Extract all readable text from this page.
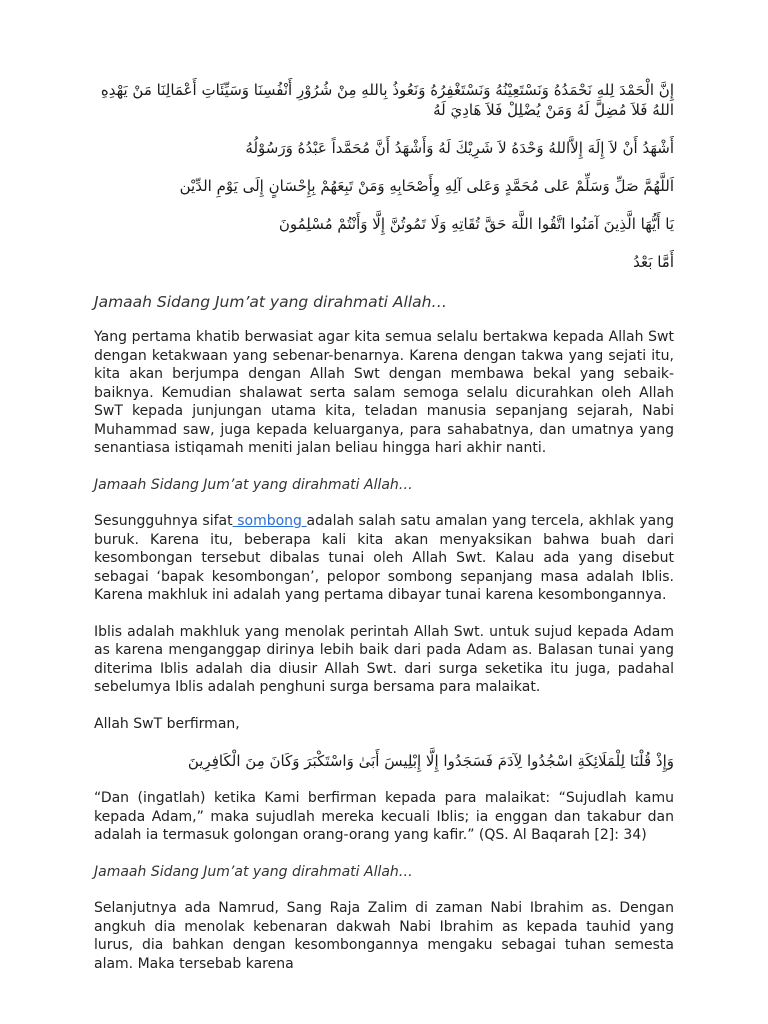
إِنَّ الْحَمْدَ لِلهِ نَحْمَدُهُ وَنَسْتَعِيْنُهُ وَنَسْتَغْفِرُهُ وَنَعُوذُ بِاللهِ مِنْ شُرُوْرِ أَنْفُسِنَا وَسَيِّئَاتِ أَعْمَالِنَا مَنْ يَهْدِهِ اللهُ فَلاَ مُضِلَّ لَهُ وَمَنْ يُضْلِلْ فَلاَ هَادِيَ لَهُ

أَشْهَدُ أَنْ لاَ إِلَهَ إِلاَّاللهُ وَحْدَهُ لاَ شَرِيْكَ لَهُ وَأَشْهَدُ أَنَّ مُحَمَّداً عَبْدُهُ وَرَسُوْلُهُ

اَللَّهُمَّ صَلِّ وَسَلِّمْ عَلى مُحَمَّدٍ وَعَلى آلِهِ وِأَصْحَابِهِ وَمَنْ تَبِعَهُمْ بِإِحْسَانٍ إِلَى يَوْمِ الدِّيْن

يَا أَيُّهَا الَّذِينَ آمَنُوا اتَّقُوا اللَّهَ حَقَّ تُقَاتِهِ وَلَا تَمُوتُنَّ إِلَّا وَأَنْتُمْ مُسْلِمُونَ

أَمَّا بَعْدُ

Jamaah Sidang Jum’at yang dirahmati Allah…

Yang pertama khatib berwasiat agar kita semua selalu bertakwa kepada Allah Swt dengan ketakwaan yang sebenar-benarnya. Karena dengan takwa yang sejati itu, kita akan berjumpa dengan Allah Swt dengan membawa bekal yang sebaik-baiknya. Kemudian shalawat serta salam semoga selalu dicurahkan oleh Allah SwT kepada junjungan utama kita, teladan manusia sepanjang sejarah, Nabi Muhammad saw, juga kepada keluarganya, para sahabatnya, dan umatnya yang senantiasa istiqamah meniti jalan beliau hingga hari akhir nanti.

Jamaah Sidang Jum’at yang dirahmati Allah…

Sesungguhnya sifat sombong adalah salah satu amalan yang tercela, akhlak yang buruk. Karena itu, beberapa kali kita akan menyaksikan bahwa buah dari kesombongan tersebut dibalas tunai oleh Allah Swt. Kalau ada yang disebut sebagai ‘bapak kesombongan’, pelopor sombong sepanjang masa adalah Iblis. Karena makhluk ini adalah yang pertama dibayar tunai karena kesombongannya.

Iblis adalah makhluk yang menolak perintah Allah Swt. untuk sujud kepada Adam as karena menganggap dirinya lebih baik dari pada Adam as. Balasan tunai yang diterima Iblis adalah dia diusir Allah Swt. dari surga seketika itu juga, padahal sebelumya Iblis adalah penghuni surga bersama para malaikat.

Allah SwT berfirman,

وَإِذْ قُلْنَا لِلْمَلَائِكَةِ اسْجُدُوا لِآدَمَ فَسَجَدُوا إِلَّا إِبْلِيسَ أَبَىٰ وَاسْتَكْبَرَ وَكَانَ مِنَ الْكَافِرِينَ

“Dan (ingatlah) ketika Kami berfirman kepada para malaikat: “Sujudlah kamu kepada Adam,” maka sujudlah mereka kecuali Iblis; ia enggan dan takabur dan adalah ia termasuk golongan orang-orang yang kafir.” (QS. Al Baqarah [2]: 34)

Jamaah Sidang Jum’at yang dirahmati Allah…

Selanjutnya ada Namrud, Sang Raja Zalim di zaman Nabi Ibrahim as. Dengan angkuh dia menolak kebenaran dakwah Nabi Ibrahim as kepada tauhid yang lurus, dia bahkan dengan kesombongannya mengaku sebagai tuhan semesta alam. Maka tersebab karena
